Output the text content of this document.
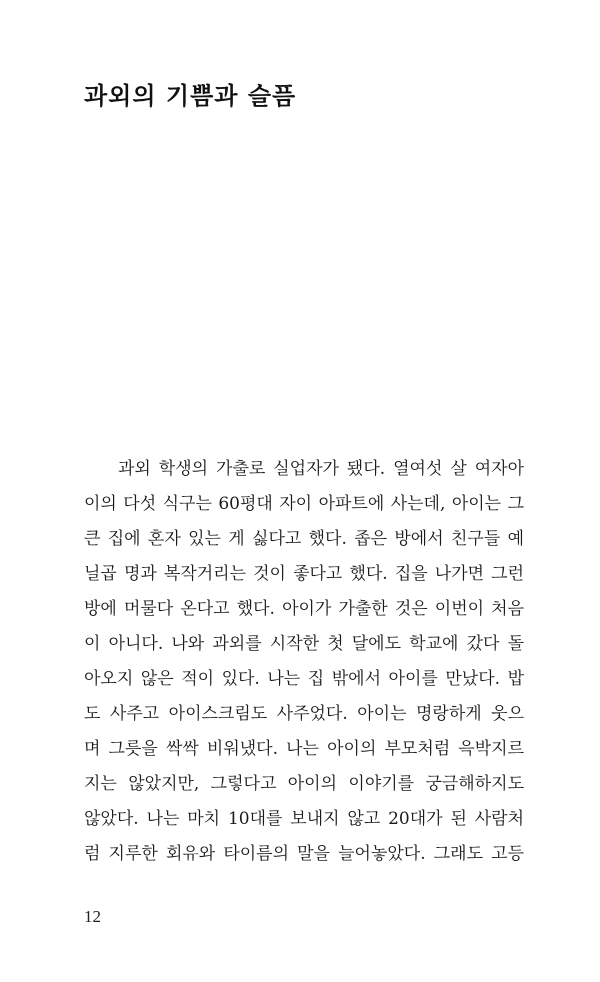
과외의 기쁨과 슬픔
과외 학생의 가출로 실업자가 됐다. 열여섯 살 여자아
이의 다섯 식구는 60평대 자이 아파트에 사는데, 아이는 그
큰 집에 혼자 있는 게 싫다고 했다. 좁은 방에서 친구들 예
닐곱 명과 복작거리는 것이 좋다고 했다. 집을 나가면 그런
방에 머물다 온다고 했다. 아이가 가출한 것은 이번이 처음
이 아니다. 나와 과외를 시작한 첫 달에도 학교에 갔다 돌
아오지 않은 적이 있다. 나는 집 밖에서 아이를 만났다. 밥
도 사주고 아이스크림도 사주었다. 아이는 명랑하게 웃으
며 그릇을 싹싹 비워냈다. 나는 아이의 부모처럼 윽박지르
지는 않았지만, 그렇다고 아이의 이야기를 궁금해하지도
않았다. 나는 마치 10대를 보내지 않고 20대가 된 사람처
럼 지루한 회유와 타이름의 말을 늘어놓았다. 그래도 고등
12
